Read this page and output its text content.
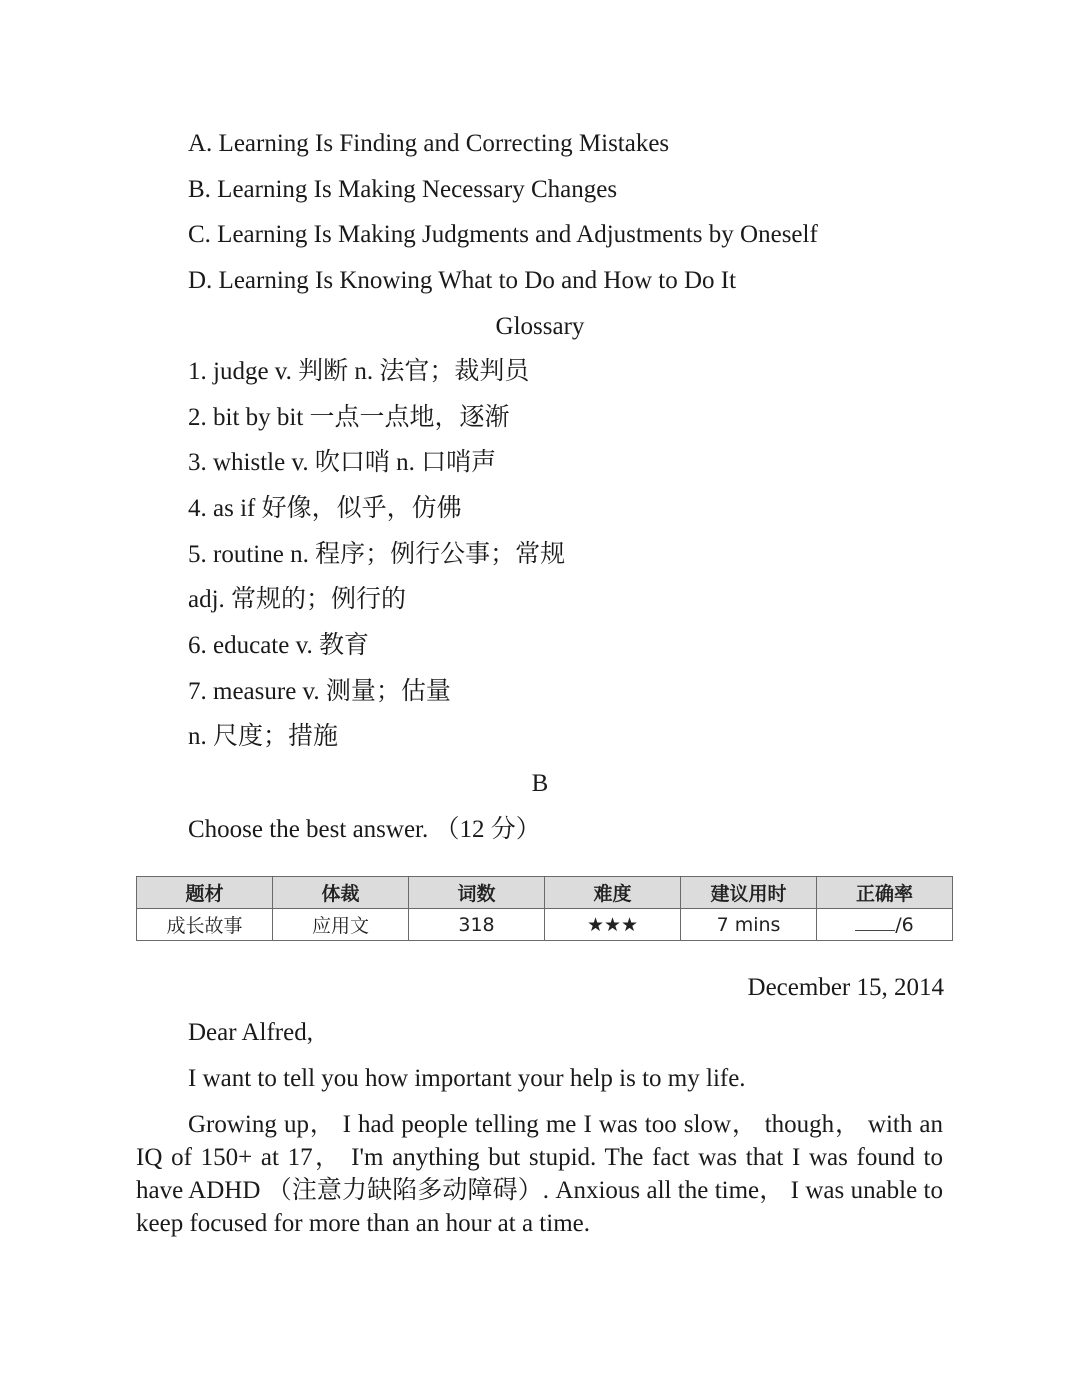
A. Learning Is Finding and Correcting Mistakes
B. Learning Is Making Necessary Changes
C. Learning Is Making Judgments and Adjustments by Oneself
D. Learning Is Knowing What to Do and How to Do It
Glossary
1. judge v. 判断 n. 法官；裁判员
2. bit by bit 一点一点地，逐渐
3. whistle v. 吹口哨 n. 口哨声
4. as if 好像，似乎，仿佛
5. routine n. 程序；例行公事；常规
adj. 常规的；例行的
6. educate v. 教育
7. measure v. 测量；估量
n. 尺度；措施
B
Choose the best answer. （12 分）
题材	体裁	词数	难度	建议用时	正确率
成长故事	应用文	318	★★★	7 mins	/6
December 15, 2014
Dear Alfred,
I want to tell you how important your help is to my life.
Growing up， I had people telling me I was too slow， though， with an IQ of 150+ at 17， I'm anything but stupid. The fact was that I was found to have ADHD （注意力缺陷多动障碍）. Anxious all the time， I was unable to keep focused for more than an hour at a time.
